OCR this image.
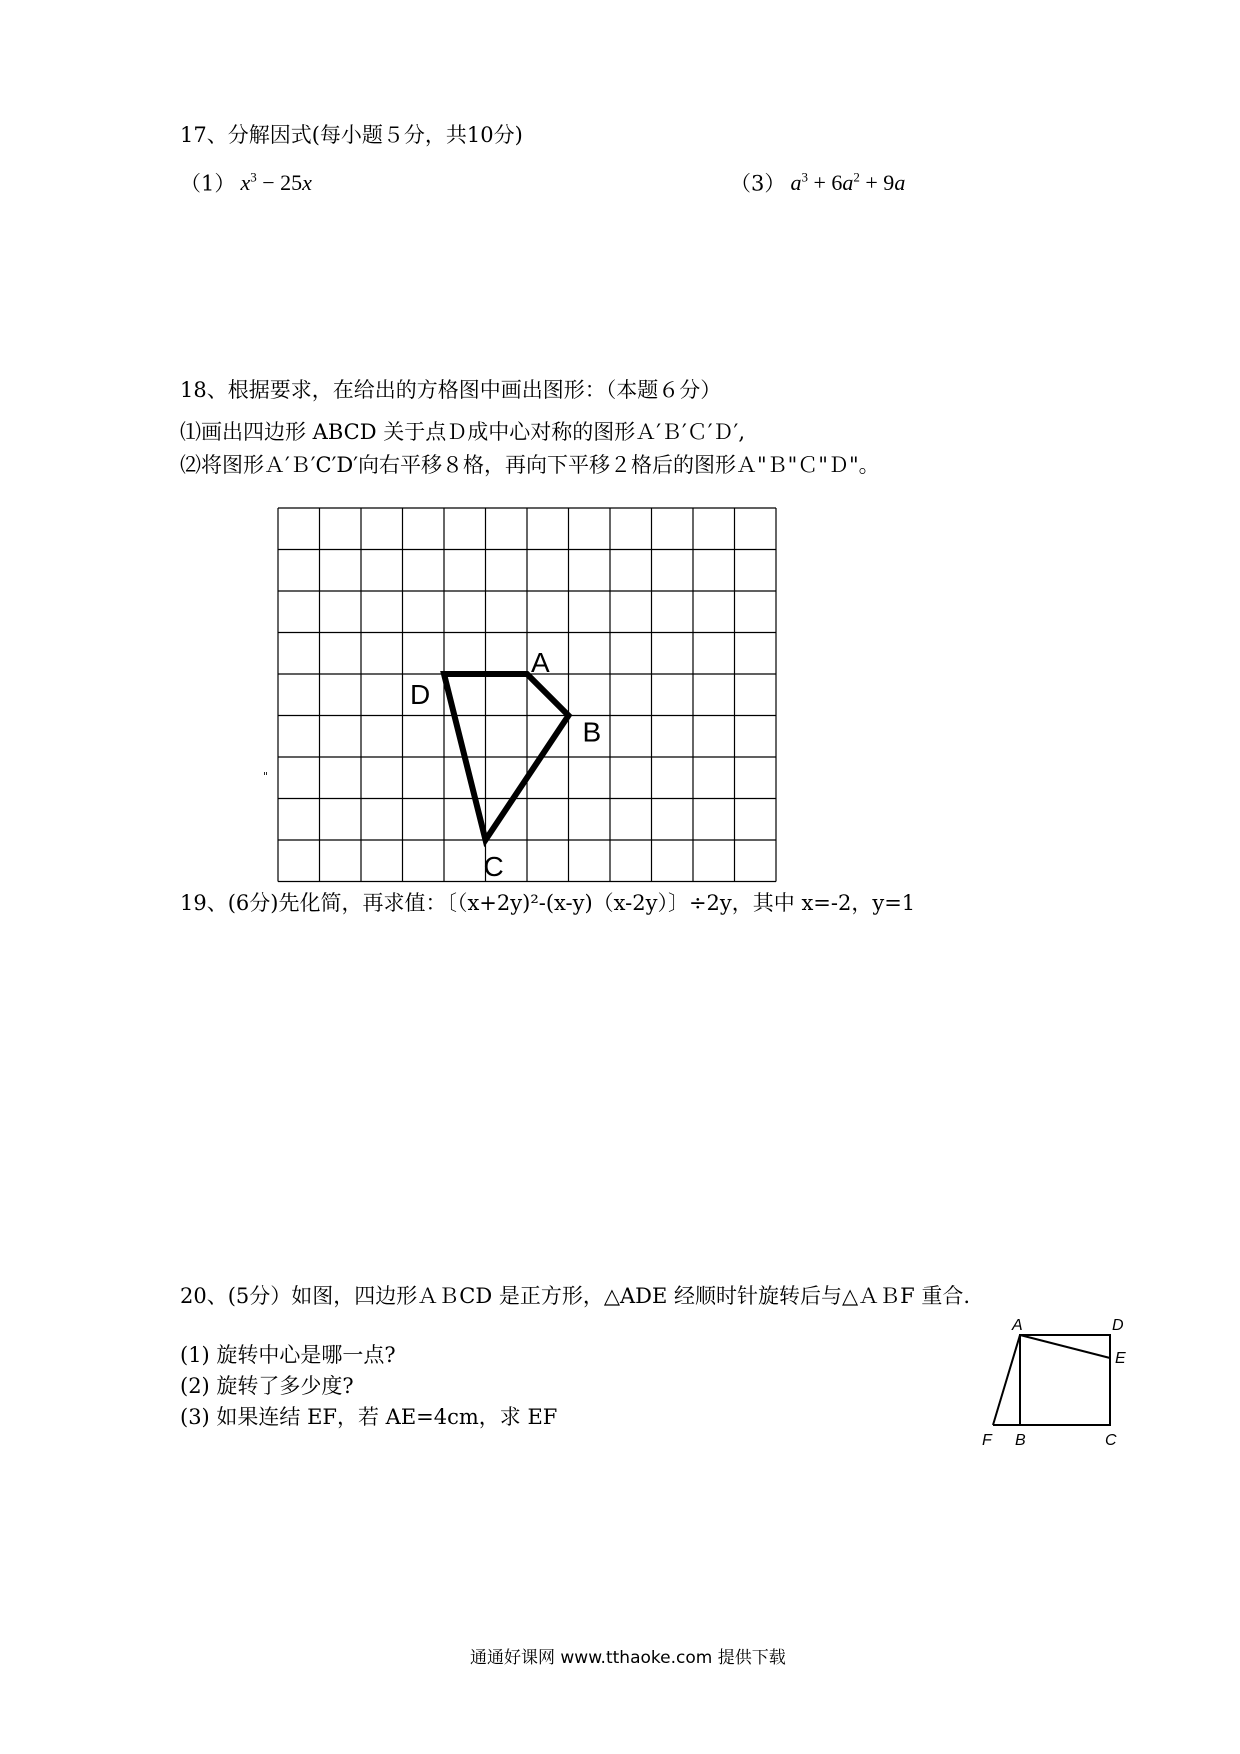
17、分解因式(每小题５分，共10分)
（1） $x^3 - 25x$	（3） $a^3 + 6a^2 + 9a$
18、根据要求，在给出的方格图中画出图形：（本题６分）
⑴画出四边形 ABCD 关于点Ｄ成中心对称的图形Ａ′Ｂ′Ｃ′Ｄ′,
⑵将图形Ａ′Ｂ′C′D′向右平移８格，再向下平移２格后的图形Ａ"Ｂ"Ｃ"Ｄ"。
"
A
B
C
D
19、(6分)先化简，再求值：〔（x+2y)²-(x-y)（x-2y）〕÷2y，其中 x=-2，y=1
20、(5分）如图，四边形ＡＢCD 是正方形，△ADE 经顺时针旋转后与△ＡＢF 重合.
(1) 旋转中心是哪一点?
(2) 旋转了多少度?
(3) 如果连结 EF，若 AE=4cm，求 EF
A	D
E
F B	C
通通好课网 www.tthaoke.com 提供下载
